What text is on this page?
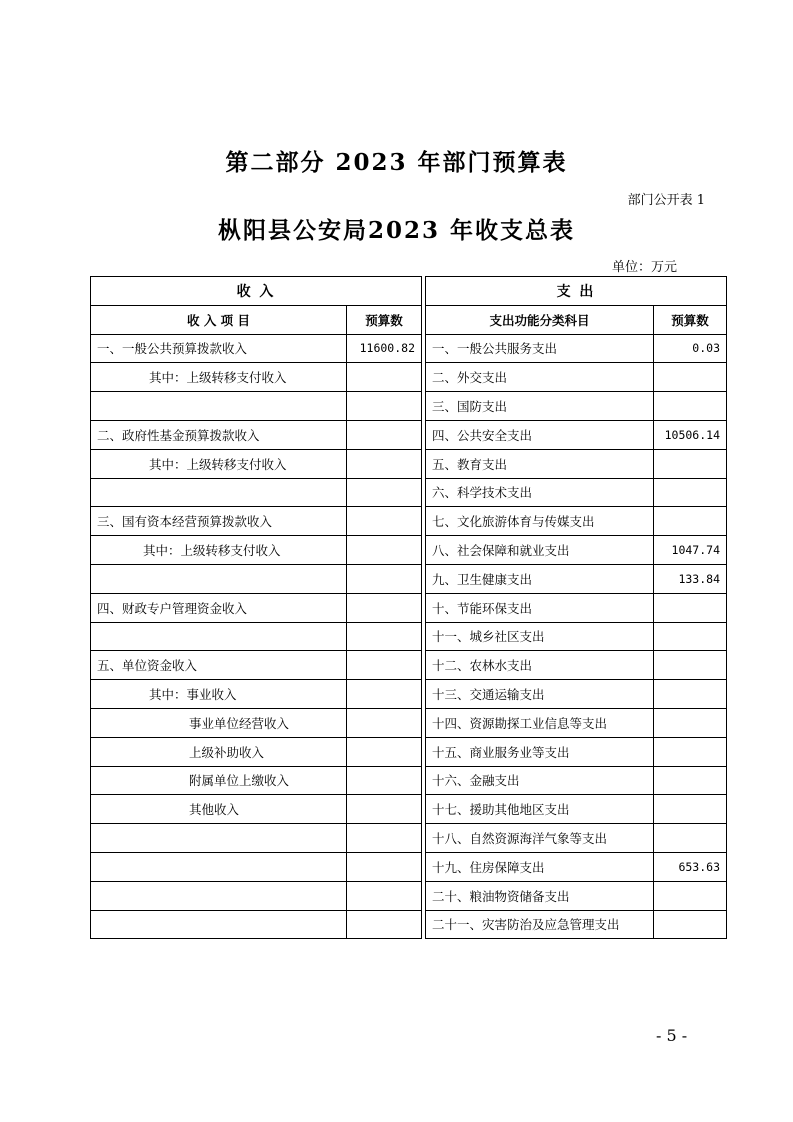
第二部分 2023 年部门预算表
部门公开表 1
枞阳县公安局2023 年收支总表
单位：万元
收 入			支 出	
收 入 项 目	预算数		支出功能分类科目	预算数
一、一般公共预算拨款收入	11600.82		一、一般公共服务支出	0.03
其中：上级转移支付收入			二、外交支出	
			三、国防支出	
二、政府性基金预算拨款收入			四、公共安全支出	10506.14
其中：上级转移支付收入			五、教育支出	
			六、科学技术支出	
三、国有资本经营预算拨款收入			七、文化旅游体育与传媒支出	
其中：上级转移支付收入			八、社会保障和就业支出	1047.74
			九、卫生健康支出	133.84
四、财政专户管理资金收入			十、节能环保支出	
			十一、城乡社区支出	
五、单位资金收入			十二、农林水支出	
其中：事业收入			十三、交通运输支出	
事业单位经营收入			十四、资源勘探工业信息等支出	
上级补助收入			十五、商业服务业等支出	
附属单位上缴收入			十六、金融支出	
其他收入			十七、援助其他地区支出	
			十八、自然资源海洋气象等支出	
			十九、住房保障支出	653.63
			二十、粮油物资储备支出	
			二十一、灾害防治及应急管理支出	
- 5 -
